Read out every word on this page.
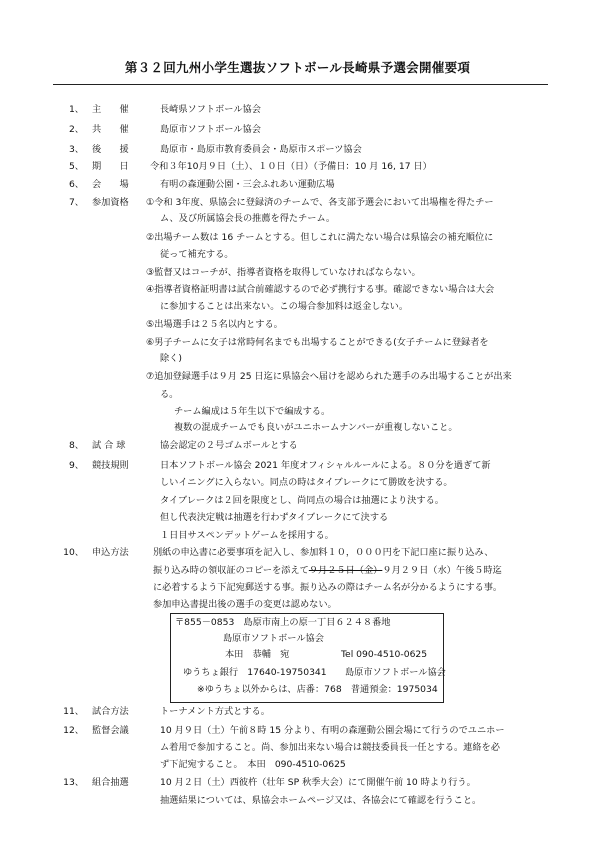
第３２回九州小学生選抜ソフトボール長崎県予選会開催要項
1、 主　　催	長崎県ソフトボール協会
2、 共　　催	島原市ソフトボール協会
3、 後　　援	島原市・島原市教育委員会・島原市スポーツ協会
5、 期　　日 令和３年10月９日（土）、１０日（日）（予備日：10 月 16, 17 日）
6、 会　　場	有明の森運動公園・三会ふれあい運動広場
7、 参加資格 ①令和 3年度、県協会に登録済のチームで、各支部予選会において出場権を得たチー
ム、及び所属協会長の推薦を得たチーム。
②出場チーム数は 16 チームとする。但しこれに満たない場合は県協会の補充順位に
従って補充する。
③監督又はコーチが、指導者資格を取得していなければならない。
④指導者資格証明書は試合前確認するので必ず携行する事。確認できない場合は大会
に参加することは出来ない。この場合参加料は返金しない。
⑤出場選手は２５名以内とする。
⑥男子チームに女子は常時何名までも出場することができる(女子チームに登録者を
除く)
⑦追加登録選手は９月 25 日迄に県協会へ届けを認められた選手のみ出場することが出来
る。
チーム編成は５年生以下で編成する。
複数の混成チームでも良いがユニホームナンバーが重複しないこと。
8、 試 合 球	協会認定の２号ゴムボールとする
9、 競技規則	日本ソフトボール協会 2021 年度オフィシャルルールによる。８０分を過ぎて新
しいイニングに入らない。同点の時はタイブレークにて勝敗を決する。
タイブレークは２回を限度とし、尚同点の場合は抽選により決する。
但し代表決定戦は抽選を行わずタイブレークにて決する
１日目サスペンデットゲームを採用する。
10、 申込方法	別紙の申込書に必要事項を記入し、参加料１０，０００円を下記口座に振り込み、
振り込み時の領収証のコピーを添えて９月２５日（金）９月２９日（水）午後５時迄
に必着するよう下記宛郵送する事。振り込みの際はチーム名が分かるようにする事。
参加申込書提出後の選手の変更は認めない。
〒855－0853　島原市南上の原一丁目６２４８番地
島原市ソフトボール協会
本田　恭輔　宛	Tel 090-4510-0625
ゆうちょ銀行　17640-19750341　　島原市ソフトボール協会
※ゆうちょ以外からは、店番：768　普通預金：1975034
11、 試合方法	トーナメント方式とする。
12、 監督会議	10 月９日（土）午前８時 15 分より、有明の森運動公園会場にて行うのでユニホー
ム着用で参加すること。尚、参加出来ない場合は競技委員長一任とする。連絡を必
ず下記宛すること。　本田　090-4510-0625
13、 組合抽選	10 月２日（土）西彼杵（壮年 SP 秋季大会）にて開催午前 10 時より行う。
抽選結果については、県協会ホームページ又は、各協会にて確認を行うこと。
